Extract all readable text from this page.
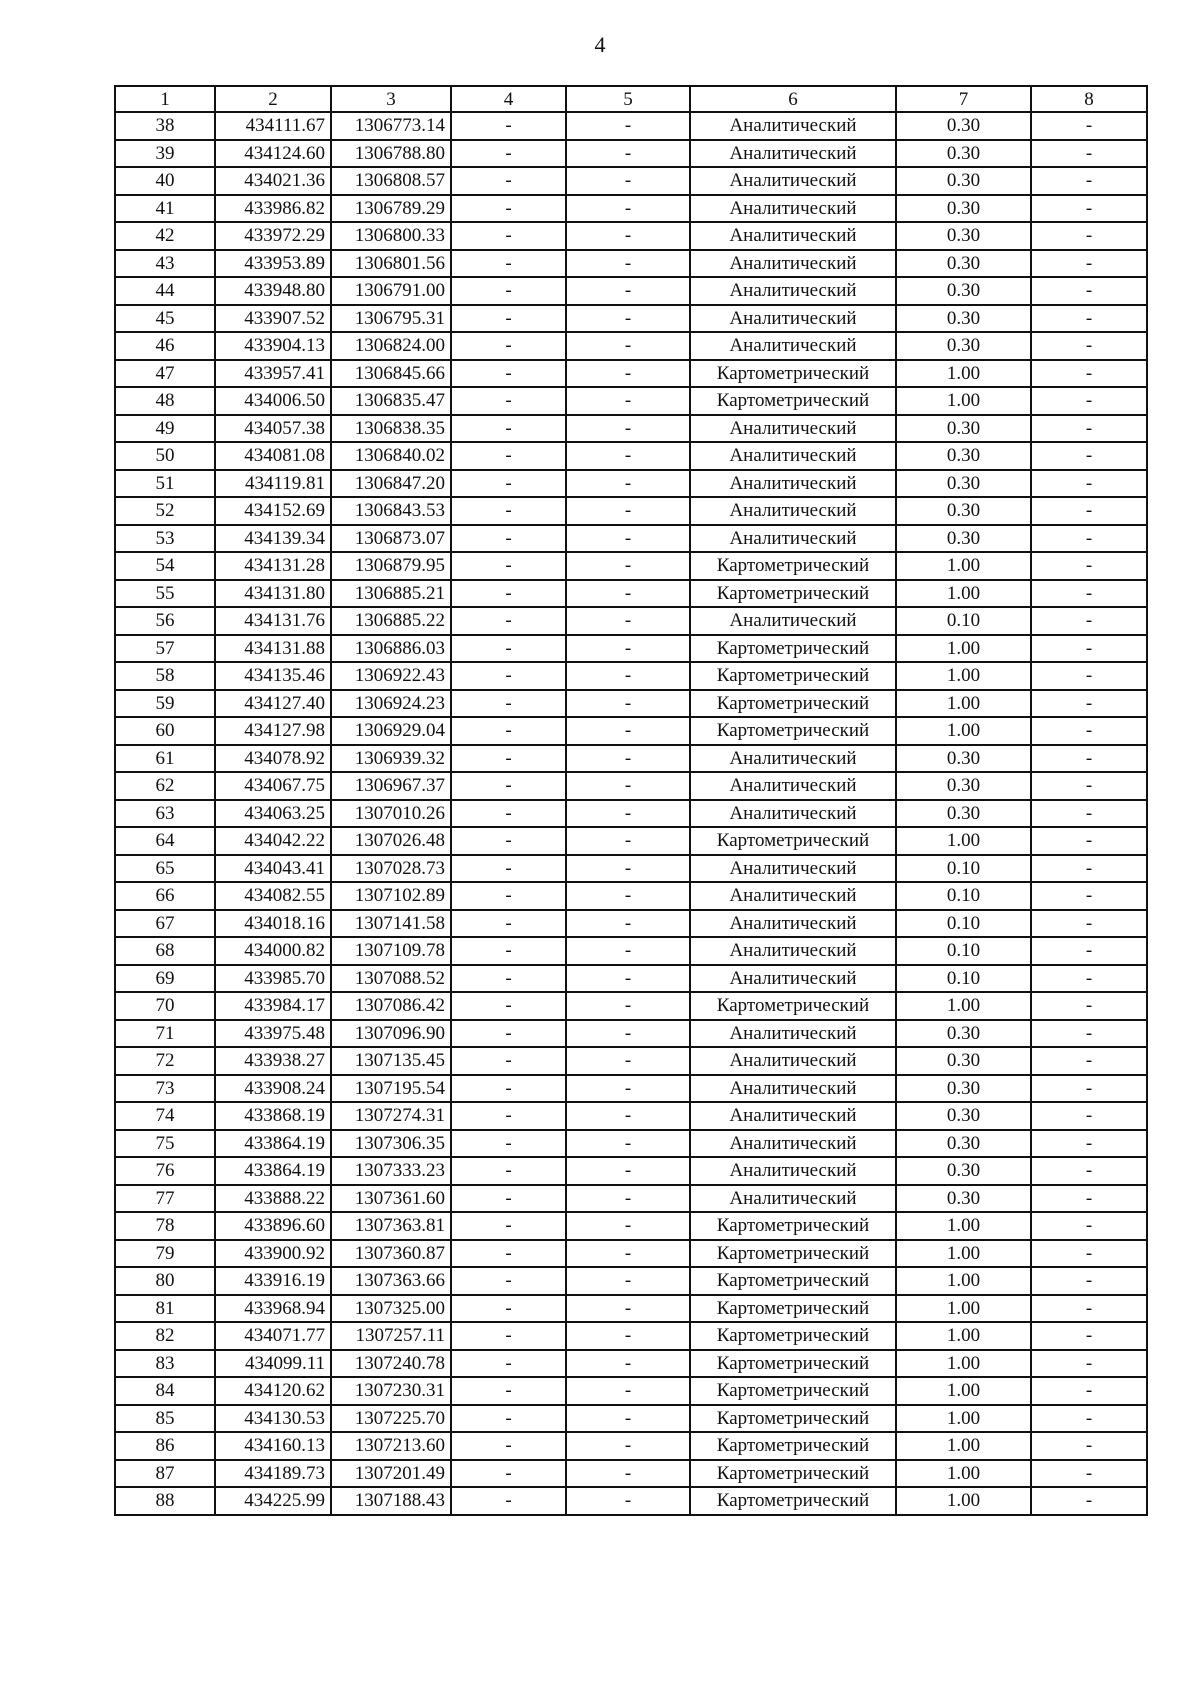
4
1	2	3	4	5	6	7	8
38	434111.67	1306773.14	-	-	Аналитический	0.30	-
39	434124.60	1306788.80	-	-	Аналитический	0.30	-
40	434021.36	1306808.57	-	-	Аналитический	0.30	-
41	433986.82	1306789.29	-	-	Аналитический	0.30	-
42	433972.29	1306800.33	-	-	Аналитический	0.30	-
43	433953.89	1306801.56	-	-	Аналитический	0.30	-
44	433948.80	1306791.00	-	-	Аналитический	0.30	-
45	433907.52	1306795.31	-	-	Аналитический	0.30	-
46	433904.13	1306824.00	-	-	Аналитический	0.30	-
47	433957.41	1306845.66	-	-	Картометрический	1.00	-
48	434006.50	1306835.47	-	-	Картометрический	1.00	-
49	434057.38	1306838.35	-	-	Аналитический	0.30	-
50	434081.08	1306840.02	-	-	Аналитический	0.30	-
51	434119.81	1306847.20	-	-	Аналитический	0.30	-
52	434152.69	1306843.53	-	-	Аналитический	0.30	-
53	434139.34	1306873.07	-	-	Аналитический	0.30	-
54	434131.28	1306879.95	-	-	Картометрический	1.00	-
55	434131.80	1306885.21	-	-	Картометрический	1.00	-
56	434131.76	1306885.22	-	-	Аналитический	0.10	-
57	434131.88	1306886.03	-	-	Картометрический	1.00	-
58	434135.46	1306922.43	-	-	Картометрический	1.00	-
59	434127.40	1306924.23	-	-	Картометрический	1.00	-
60	434127.98	1306929.04	-	-	Картометрический	1.00	-
61	434078.92	1306939.32	-	-	Аналитический	0.30	-
62	434067.75	1306967.37	-	-	Аналитический	0.30	-
63	434063.25	1307010.26	-	-	Аналитический	0.30	-
64	434042.22	1307026.48	-	-	Картометрический	1.00	-
65	434043.41	1307028.73	-	-	Аналитический	0.10	-
66	434082.55	1307102.89	-	-	Аналитический	0.10	-
67	434018.16	1307141.58	-	-	Аналитический	0.10	-
68	434000.82	1307109.78	-	-	Аналитический	0.10	-
69	433985.70	1307088.52	-	-	Аналитический	0.10	-
70	433984.17	1307086.42	-	-	Картометрический	1.00	-
71	433975.48	1307096.90	-	-	Аналитический	0.30	-
72	433938.27	1307135.45	-	-	Аналитический	0.30	-
73	433908.24	1307195.54	-	-	Аналитический	0.30	-
74	433868.19	1307274.31	-	-	Аналитический	0.30	-
75	433864.19	1307306.35	-	-	Аналитический	0.30	-
76	433864.19	1307333.23	-	-	Аналитический	0.30	-
77	433888.22	1307361.60	-	-	Аналитический	0.30	-
78	433896.60	1307363.81	-	-	Картометрический	1.00	-
79	433900.92	1307360.87	-	-	Картометрический	1.00	-
80	433916.19	1307363.66	-	-	Картометрический	1.00	-
81	433968.94	1307325.00	-	-	Картометрический	1.00	-
82	434071.77	1307257.11	-	-	Картометрический	1.00	-
83	434099.11	1307240.78	-	-	Картометрический	1.00	-
84	434120.62	1307230.31	-	-	Картометрический	1.00	-
85	434130.53	1307225.70	-	-	Картометрический	1.00	-
86	434160.13	1307213.60	-	-	Картометрический	1.00	-
87	434189.73	1307201.49	-	-	Картометрический	1.00	-
88	434225.99	1307188.43	-	-	Картометрический	1.00	-
